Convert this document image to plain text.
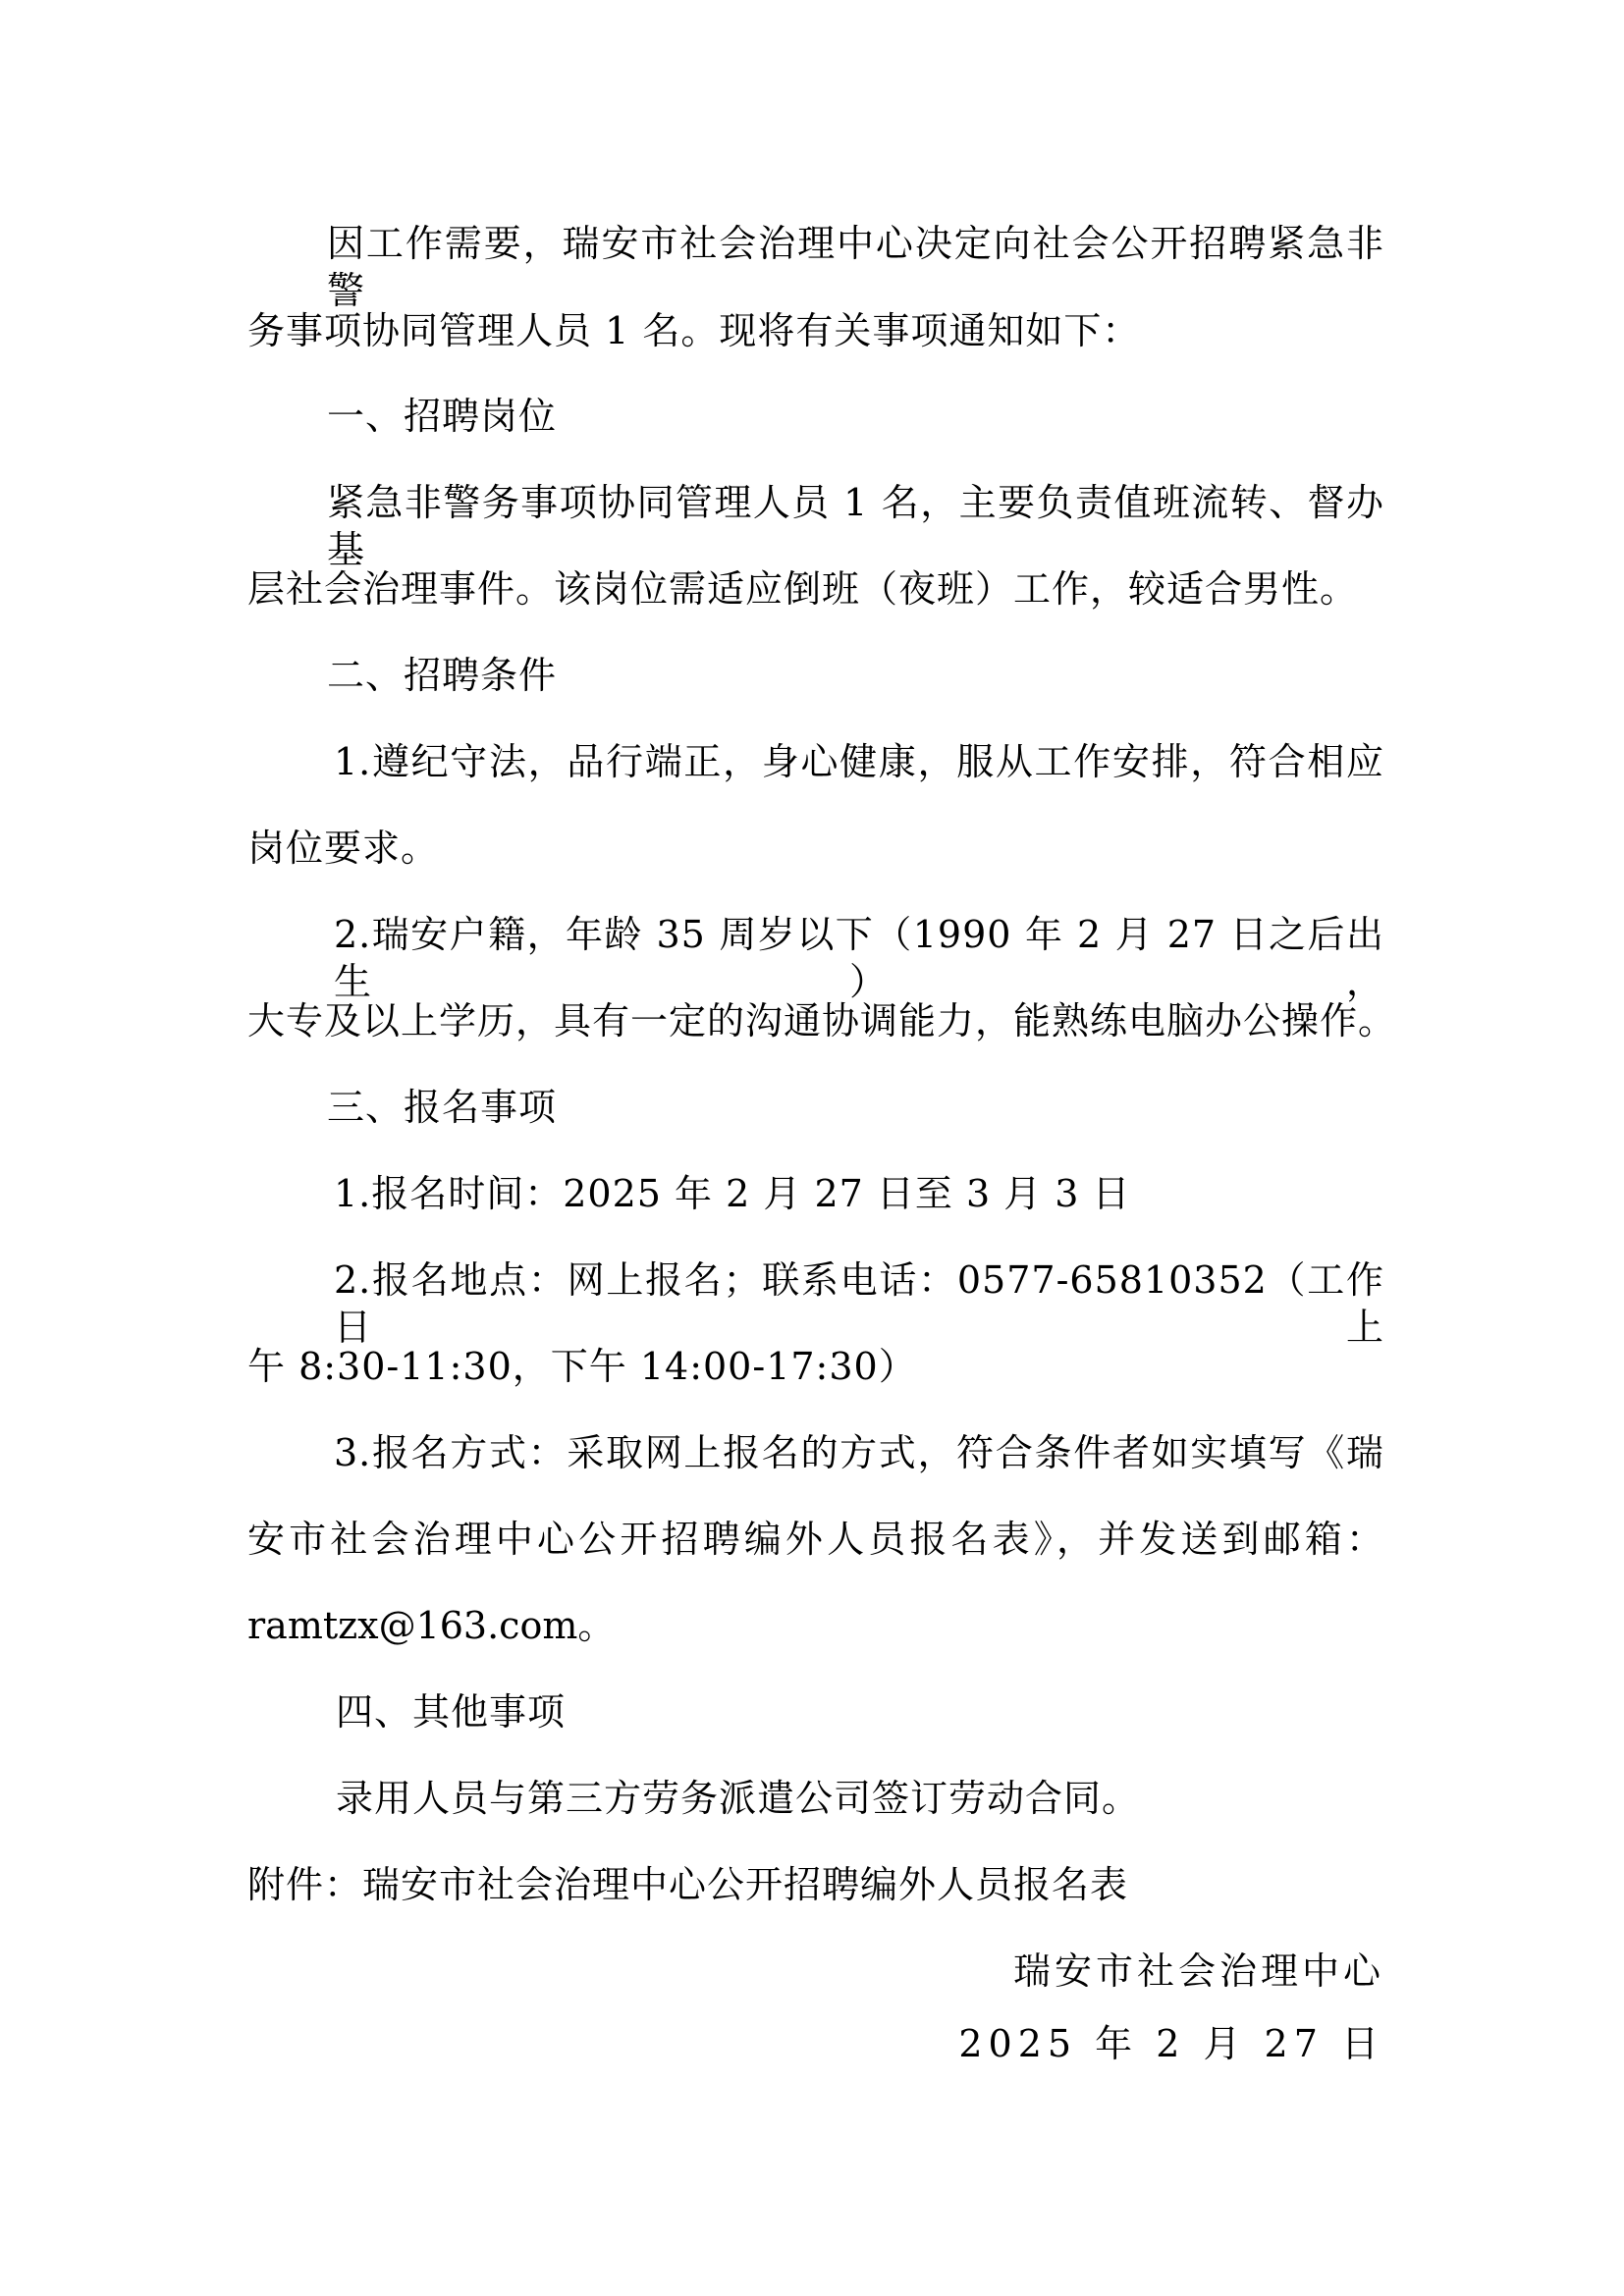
因工作需要，瑞安市社会治理中心决定向社会公开招聘紧急非警
务事项协同管理人员 1 名。现将有关事项通知如下：
一、招聘岗位
紧急非警务事项协同管理人员 1 名，主要负责值班流转、督办基
层社会治理事件。该岗位需适应倒班（夜班）工作，较适合男性。
二、招聘条件
1.遵纪守法，品行端正，身心健康，服从工作安排，符合相应
岗位要求。
2.瑞安户籍，年龄 35 周岁以下（1990 年 2 月 27 日之后出生），
大专及以上学历，具有一定的沟通协调能力，能熟练电脑办公操作。
三、报名事项
1.报名时间：2025 年 2 月 27 日至 3 月 3 日
2.报名地点：网上报名；联系电话：0577-65810352（工作日上
午 8:30-11:30，下午 14:00-17:30）
3.报名方式：采取网上报名的方式，符合条件者如实填写《瑞
安市社会治理中心公开招聘编外人员报名表》，并发送到邮箱：
ramtzx@163.com。
四、其他事项
录用人员与第三方劳务派遣公司签订劳动合同。
附件：瑞安市社会治理中心公开招聘编外人员报名表
瑞安市社会治理中心
2025 年 2 月 27 日
